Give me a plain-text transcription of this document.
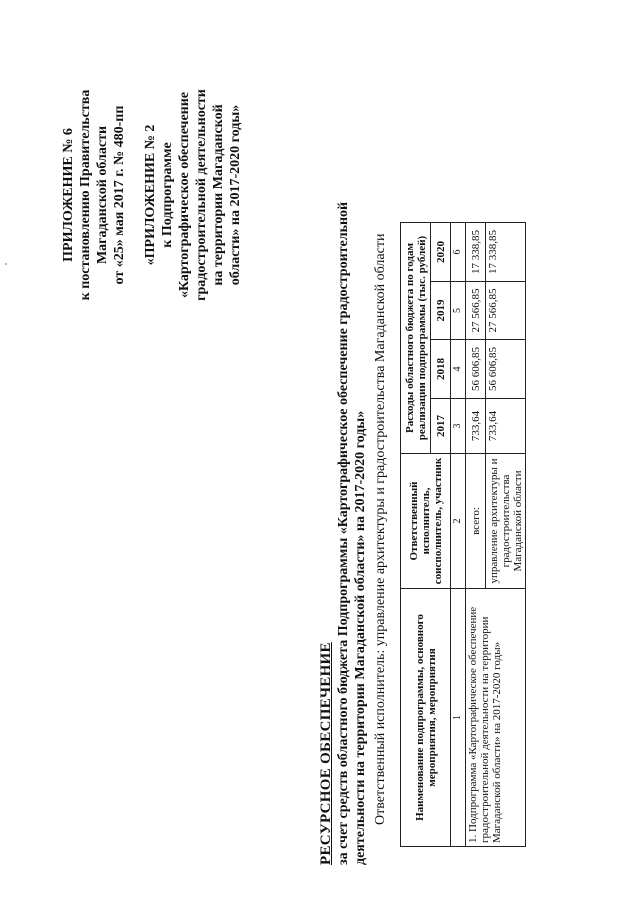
ПРИЛОЖЕНИЕ № 6 к постановлению Правительства Магаданской области от «25» мая 2017 г. № 480-пп «ПРИЛОЖЕНИЕ № 2 к Подпрограмме «Картографическое обеспечение градостроительной деятельности на территории Магаданской области» на 2017-2020 годы»
РЕСУРСНОЕ ОБЕСПЕЧЕНИЕ за счет средств областного бюджета Подпрограммы «Картографическое обеспечение градостроительной деятельности на территории Магаданской области» на 2017-2020 годы» Ответственный исполнитель: управление архитектуры и градостроительства Магаданской области Наименование подпрограммы, основного мероприятия, мероприятия	Ответственный исполнитель, соисполнитель, участник	Расходы областного бюджета по годам реализации подпрограммы (тыс. рублей)			
		2017	2018	2019	2020
1	2	3	4	5	6
1. Подпрограмма «Картографическое обеспечение градостроительной деятельности на территории Магаданской области» на 2017-2020 годы»	всего:	733,64	56 606,85	27 566,85	17 338,85
	управление архитектуры и градостроительства Магаданской области	733,64	56 606,85	27 566,85	17 338,85
